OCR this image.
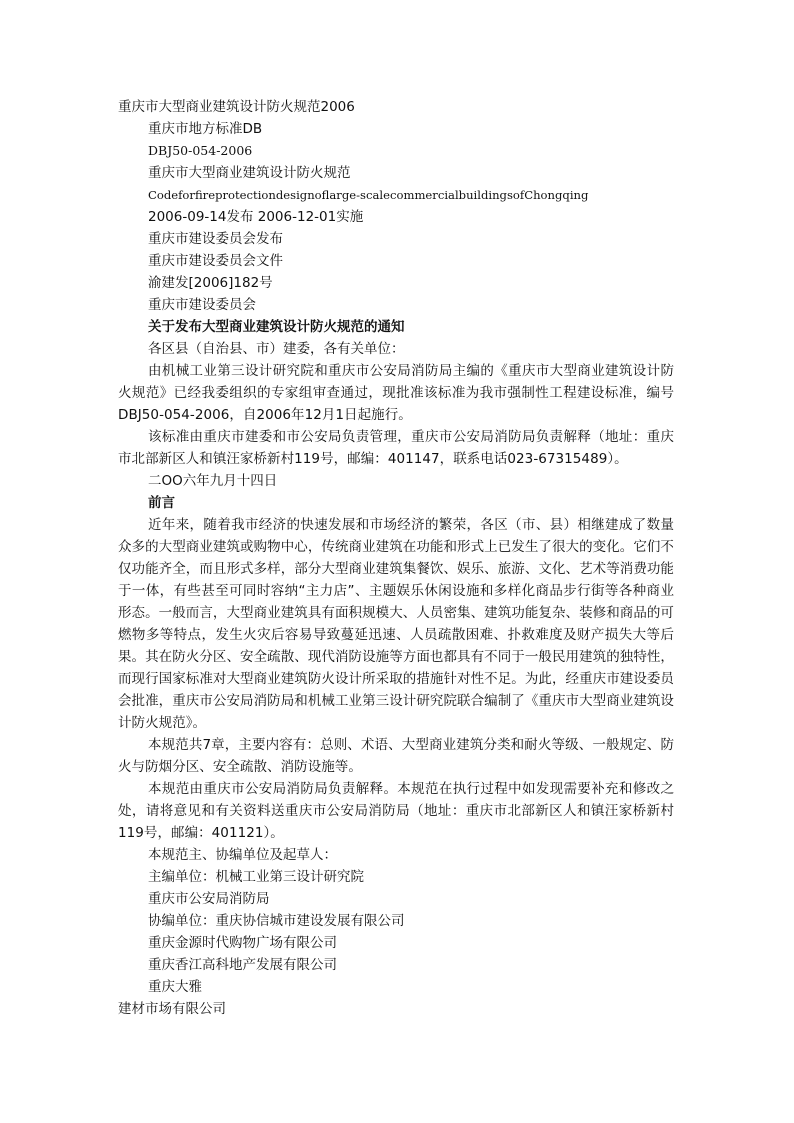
重庆市大型商业建筑设计防火规范2006
重庆市地方标准DB
DBJ50-054-2006
重庆市大型商业建筑设计防火规范
Codeforfireprotectiondesignoflarge-scalecommercialbuildingsofChongqing
2006-09-14发布 2006-12-01实施
重庆市建设委员会发布
重庆市建设委员会文件
渝建发[2006]182号
重庆市建设委员会
关于发布大型商业建筑设计防火规范的通知
各区县（自治县、市）建委，各有关单位：
由机械工业第三设计研究院和重庆市公安局消防局主编的《重庆市大型商业建筑设计防火规范》已经我委组织的专家组审查通过，现批准该标准为我市强制性工程建设标准，编号DBJ50-054-2006，自2006年12月1日起施行。
该标准由重庆市建委和市公安局负责管理，重庆市公安局消防局负责解释（地址：重庆市北部新区人和镇汪家桥新村119号，邮编：401147，联系电话023-67315489）。
二OO六年九月十四日
前言
近年来，随着我市经济的快速发展和市场经济的繁荣，各区（市、县）相继建成了数量众多的大型商业建筑或购物中心，传统商业建筑在功能和形式上已发生了很大的变化。它们不仅功能齐全，而且形式多样，部分大型商业建筑集餐饮、娱乐、旅游、文化、艺术等消费功能于一体，有些甚至可同时容纳“主力店”、主题娱乐休闲设施和多样化商品步行街等各种商业形态。一般而言，大型商业建筑具有面积规模大、人员密集、建筑功能复杂、装修和商品的可燃物多等特点，发生火灾后容易导致蔓延迅速、人员疏散困难、扑救难度及财产损失大等后果。其在防火分区、安全疏散、现代消防设施等方面也都具有不同于一般民用建筑的独特性，而现行国家标准对大型商业建筑防火设计所采取的措施针对性不足。为此，经重庆市建设委员会批准，重庆市公安局消防局和机械工业第三设计研究院联合编制了《重庆市大型商业建筑设计防火规范》。
本规范共7章，主要内容有：总则、术语、大型商业建筑分类和耐火等级、一般规定、防火与防烟分区、安全疏散、消防设施等。
本规范由重庆市公安局消防局负责解释。本规范在执行过程中如发现需要补充和修改之处，请将意见和有关资料送重庆市公安局消防局（地址：重庆市北部新区人和镇汪家桥新村119号，邮编：401121）。
本规范主、协编单位及起草人：
主编单位：机械工业第三设计研究院
重庆市公安局消防局
协编单位：重庆协信城市建设发展有限公司
重庆金源时代购物广场有限公司
重庆香江高科地产发展有限公司
重庆大雅
建材市场有限公司
